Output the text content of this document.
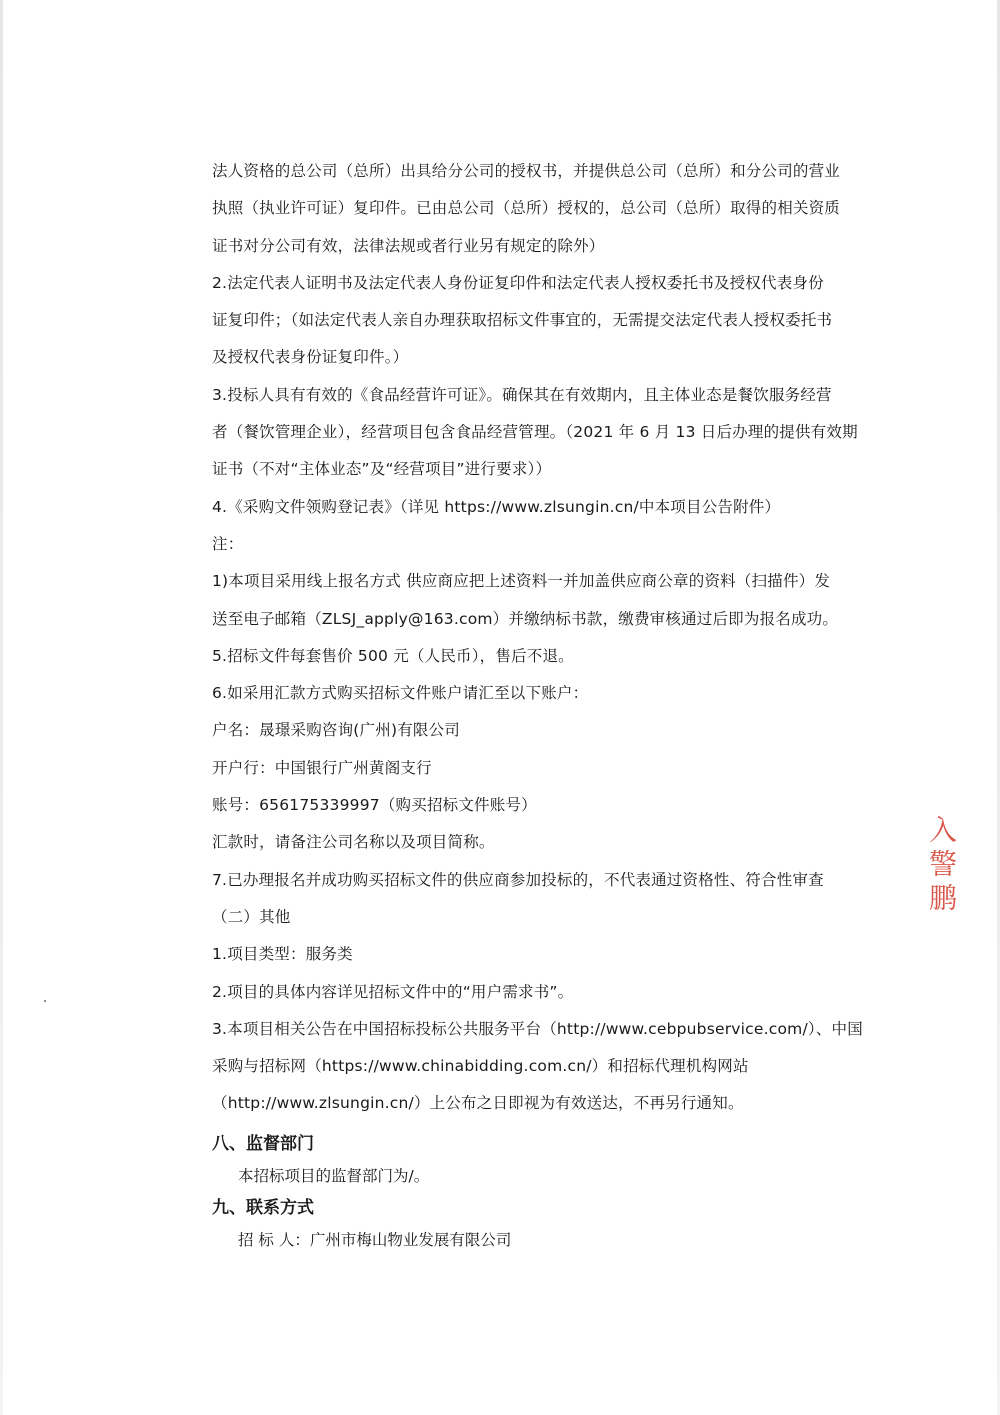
法人资格的总公司（总所）出具给分公司的授权书，并提供总公司（总所）和分公司的营业
执照（执业许可证）复印件。已由总公司（总所）授权的，总公司（总所）取得的相关资质
证书对分公司有效，法律法规或者行业另有规定的除外）
2.法定代表人证明书及法定代表人身份证复印件和法定代表人授权委托书及授权代表身份
证复印件；（如法定代表人亲自办理获取招标文件事宜的，无需提交法定代表人授权委托书
及授权代表身份证复印件。）
3.投标人具有有效的《食品经营许可证》。确保其在有效期内，且主体业态是餐饮服务经营
者（餐饮管理企业），经营项目包含食品经营管理。（2021 年 6 月 13 日后办理的提供有效期
证书（不对“主体业态”及“经营项目”进行要求））
4.《采购文件领购登记表》（详见 https://www.zlsungin.cn/中本项目公告附件）
注：
1)本项目采用线上报名方式 供应商应把上述资料一并加盖供应商公章的资料（扫描件）发
送至电子邮箱（ZLSJ_apply@163.com）并缴纳标书款，缴费审核通过后即为报名成功。
5.招标文件每套售价 500 元（人民币），售后不退。
6.如采用汇款方式购买招标文件账户请汇至以下账户：
户名：晟璟采购咨询(广州)有限公司
开户行：中国银行广州黄阁支行
账号：656175339997（购买招标文件账号）
汇款时，请备注公司名称以及项目简称。
7.已办理报名并成功购买招标文件的供应商参加投标的，不代表通过资格性、符合性审查
（二）其他
1.项目类型：服务类
2.项目的具体内容详见招标文件中的“用户需求书”。
3.本项目相关公告在中国招标投标公共服务平台（http://www.cebpubservice.com/）、中国
采购与招标网（https://www.chinabidding.com.cn/）和招标代理机构网站
（http://www.zlsungin.cn/）上公布之日即视为有效送达，不再另行通知。
八、监督部门
本招标项目的监督部门为/。
九、联系方式
招 标 人：广州市梅山物业发展有限公司
入警鹏
